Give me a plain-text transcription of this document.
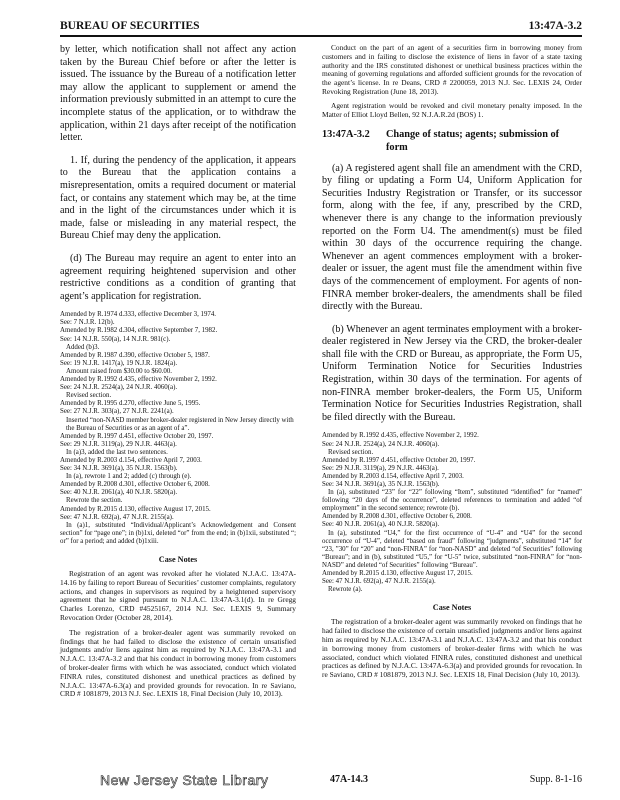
BUREAU OF SECURITIES	13:47A-3.2

by letter, which notification shall not affect any action taken by the Bureau Chief before or after the letter is issued. The issuance by the Bureau of a notification letter may allow the applicant to supplement or amend the information previously submitted in an attempt to cure the incomplete status of the application, or to withdraw the application, within 21 days after receipt of the notification letter.

1. If, during the pendency of the application, it appears to the Bureau that the application contains a misrepresentation, omits a required document or material fact, or contains any statement which may be, at the time and in the light of the circumstances under which it is made, false or misleading in any material respect, the Bureau Chief may deny the application.

(d) The Bureau may require an agent to enter into an agreement requiring heightened supervision and other restrictive conditions as a condition of granting that agent’s application for registration.

Amended by R.1974 d.333, effective December 3, 1974.
See: 7 N.J.R. 12(b).
Amended by R.1982 d.304, effective September 7, 1982.
See: 14 N.J.R. 550(a), 14 N.J.R. 981(c).
Added (b)3.
Amended by R.1987 d.390, effective October 5, 1987.
See: 19 N.J.R. 1417(a), 19 N.J.R. 1824(a).
Amount raised from $30.00 to $60.00.
Amended by R.1992 d.435, effective November 2, 1992.
See: 24 N.J.R. 2524(a), 24 N.J.R. 4060(a).
Revised section.
Amended by R.1995 d.270, effective June 5, 1995.
See: 27 N.J.R. 303(a), 27 N.J.R. 2241(a).
Inserted “non-NASD member broker-dealer registered in New Jersey directly with the Bureau of Securities or as an agent of a”.
Amended by R.1997 d.451, effective October 20, 1997.
See: 29 N.J.R. 3119(a), 29 N.J.R. 4463(a).
In (a)3, added the last two sentences.
Amended by R.2003 d.154, effective April 7, 2003.
See: 34 N.J.R. 3691(a), 35 N.J.R. 1563(b).
In (a), rewrote 1 and 2; added (c) through (e).
Amended by R.2008 d.301, effective October 6, 2008.
See: 40 N.J.R. 2061(a), 40 N.J.R. 5820(a).
Rewrote the section.
Amended by R.2015 d.130, effective August 17, 2015.
See: 47 N.J.R. 692(a), 47 N.J.R. 2155(a).
In (a)1, substituted “Individual/Applicant’s Acknowledgement and Consent section” for “page one”; in (b)1xi, deleted “or” from the end; in (b)1xii, substituted “; or” for a period; and added (b)1xiii.
Case Notes

Registration of an agent was revoked after he violated N.J.A.C. 13:47A-14.16 by failing to report Bureau of Securities’ customer complaints, regulatory actions, and changes in supervisors as required by a heightened supervisory agreement that he signed pursuant to N.J.A.C. 13:47A-3.1(d). In re Gregg Charles Lorenzo, CRD #4525167, 2014 N.J. Sec. LEXIS 9, Summary Revocation Order (October 28, 2014).

The registration of a broker-dealer agent was summarily revoked on findings that he had failed to disclose the existence of certain unsatisfied judgments and/or liens against him as required by N.J.A.C. 13:47A-3.1 and N.J.A.C. 13:47A-3.2 and that his conduct in borrowing money from customers of broker-dealer firms with which he was associated, conduct which violated FINRA rules, constituted dishonest and unethical practices as defined by N.J.A.C. 13:47A-6.3(a) and provided grounds for revocation. In re Saviano, CRD # 1081879, 2013 N.J. Sec. LEXIS 18, Final Decision (July 10, 2013).

Conduct on the part of an agent of a securities firm in borrowing money from customers and in failing to disclose the existence of liens in favor of a state taxing authority and the IRS constituted dishonest or unethical business practices within the meaning of governing regulations and afforded sufficient grounds for the revocation of the agent’s license. In re Deans, CRD # 2200059, 2013 N.J. Sec. LEXIS 24, Order Revoking Registration (June 18, 2013).

Agent registration would be revoked and civil monetary penalty imposed. In the Matter of Elliot Lloyd Bellen, 92 N.J.A.R.2d (BOS) 1.

13:47A-3.2	Change of status; agents; submission of form

(a) A registered agent shall file an amendment with the CRD, by filing or updating a Form U4, Uniform Application for Securities Industry Registration or Transfer, or its successor form, along with the fee, if any, prescribed by the CRD, whenever there is any change to the information previously reported on the Form U4. The amendment(s) must be filed within 30 days of the occurrence requiring the change. Whenever an agent commences employment with a broker-dealer or issuer, the agent must file the amendment within five days of the commencement of employment. For agents of non-FINRA member broker-dealers, the amendments shall be filed directly with the Bureau.

(b) Whenever an agent terminates employment with a broker-dealer registered in New Jersey via the CRD, the broker-dealer shall file with the CRD or Bureau, as appropriate, the Form U5, Uniform Termination Notice for Securities Industries Registration, within 30 days of the termination. For agents of non-FINRA member broker-dealers, the Form U5, Uniform Termination Notice for Securities Industries Registration, shall be filed directly with the Bureau.

Amended by R.1992 d.435, effective November 2, 1992.
See: 24 N.J.R. 2524(a), 24 N.J.R. 4060(a).
Revised section.
Amended by R.1997 d.451, effective October 20, 1997.
See: 29 N.J.R. 3119(a), 29 N.J.R. 4463(a).
Amended by R.2003 d.154, effective April 7, 2003.
See: 34 N.J.R. 3691(a), 35 N.J.R. 1563(b).
In (a), substituted “23” for “22” following “Item”, substituted “identified” for “named” following “20 days of the occurrence”, deleted references to termination and added “of employment” in the second sentence; rewrote (b).
Amended by R.2008 d.301, effective October 6, 2008.
See: 40 N.J.R. 2061(a), 40 N.J.R. 5820(a).
In (a), substituted “U4,” for the first occurrence of “U-4” and “U4” for the second occurrence of “U-4”, deleted “based on fraud” following “judgments”, substituted “14” for “23, ”30” for “20” and “non-FINRA” for “non-NASD” and deleted “of Securities” following “Bureau”; and in (b), substituted “U5,” for “U-5” twice, substituted “non-FINRA” for “non-NASD” and deleted “of Securities” following “Bureau”.
Amended by R.2015 d.130, effective August 17, 2015.
See: 47 N.J.R. 692(a), 47 N.J.R. 2155(a).
Rewrote (a).
Case Notes

The registration of a broker-dealer agent was summarily revoked on findings that he had failed to disclose the existence of certain unsatisfied judgments and/or liens against him as required by N.J.A.C. 13:47A-3.1 and N.J.A.C. 13:47A-3.2 and that his conduct in borrowing money from customers of broker-dealer firms with which he was associated, conduct which violated FINRA rules, constituted dishonest and unethical practices as defined by N.J.A.C. 13:47A-6.3(a) and provided grounds for revocation. In re Saviano, CRD # 1081879, 2013 N.J. Sec. LEXIS 18, Final Decision (July 10, 2013).

New Jersey State Library	47A-14.3	Supp. 8-1-16
